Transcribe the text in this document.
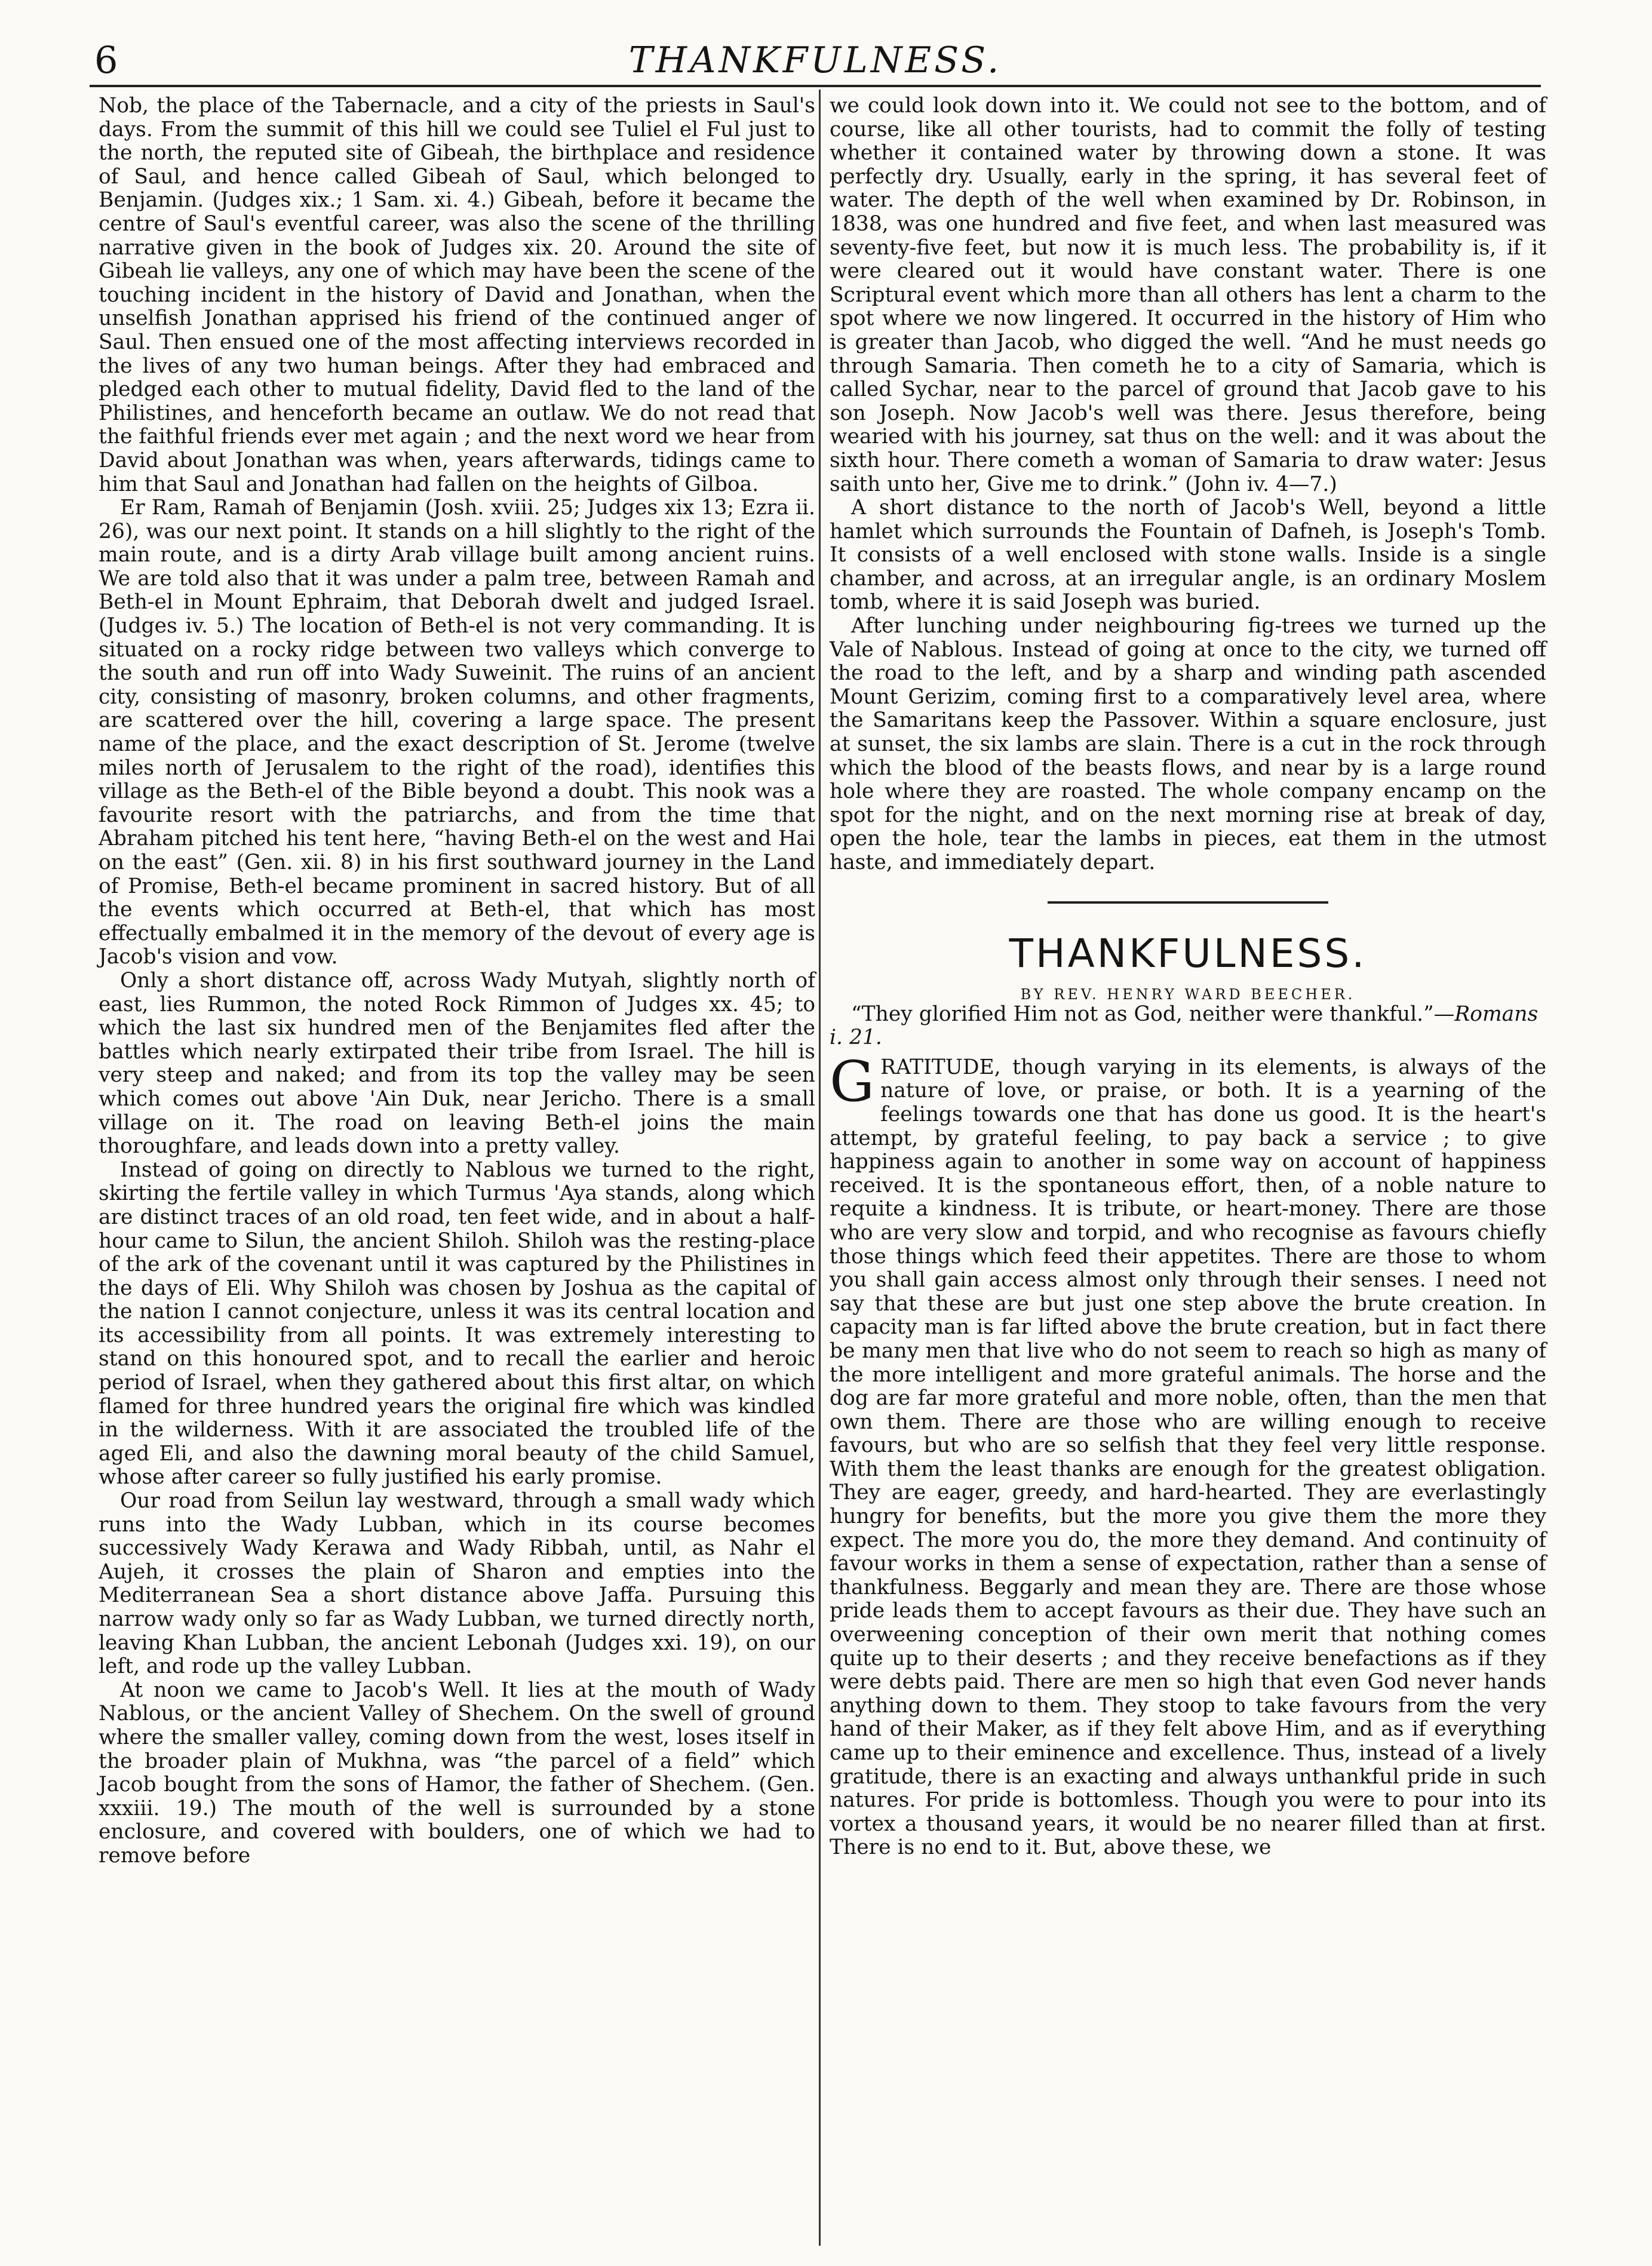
6	THANKFULNESS.

Nob, the place of the Tabernacle, and a city of the priests in Saul's days. From the summit of this hill we could see Tuliel el Ful just to the north, the reputed site of Gibeah, the birthplace and residence of Saul, and hence called Gibeah of Saul, which belonged to Benjamin. (Judges xix.; 1 Sam. xi. 4.) Gibeah, before it became the centre of Saul's eventful career, was also the scene of the thrilling narrative given in the book of Judges xix. 20. Around the site of Gibeah lie valleys, any one of which may have been the scene of the touching incident in the history of David and Jonathan, when the unselfish Jonathan apprised his friend of the continued anger of Saul. Then ensued one of the most affecting interviews recorded in the lives of any two human beings. After they had embraced and pledged each other to mutual fidelity, David fled to the land of the Philistines, and henceforth became an outlaw. We do not read that the faithful friends ever met again ; and the next word we hear from David about Jonathan was when, years afterwards, tidings came to him that Saul and Jonathan had fallen on the heights of Gilboa.

Er Ram, Ramah of Benjamin (Josh. xviii. 25; Judges xix 13; Ezra ii. 26), was our next point. It stands on a hill slightly to the right of the main route, and is a dirty Arab village built among ancient ruins. We are told also that it was under a palm tree, between Ramah and Beth-el in Mount Ephraim, that Deborah dwelt and judged Israel. (Judges iv. 5.) The location of Beth-el is not very commanding. It is situated on a rocky ridge between two valleys which converge to the south and run off into Wady Suweinit. The ruins of an ancient city, consisting of masonry, broken columns, and other fragments, are scattered over the hill, covering a large space. The present name of the place, and the exact description of St. Jerome (twelve miles north of Jerusalem to the right of the road), identifies this village as the Beth-el of the Bible beyond a doubt. This nook was a favourite resort with the patriarchs, and from the time that Abraham pitched his tent here, “having Beth-el on the west and Hai on the east” (Gen. xii. 8) in his first southward journey in the Land of Promise, Beth-el became prominent in sacred history. But of all the events which occurred at Beth-el, that which has most effectually embalmed it in the memory of the devout of every age is Jacob's vision and vow.

Only a short distance off, across Wady Mutyah, slightly north of east, lies Rummon, the noted Rock Rimmon of Judges xx. 45; to which the last six hundred men of the Benjamites fled after the battles which nearly extirpated their tribe from Israel. The hill is very steep and naked; and from its top the valley may be seen which comes out above 'Ain Duk, near Jericho. There is a small village on it. The road on leaving Beth-el joins the main thoroughfare, and leads down into a pretty valley.

Instead of going on directly to Nablous we turned to the right, skirting the fertile valley in which Turmus 'Aya stands, along which are distinct traces of an old road, ten feet wide, and in about a half-hour came to Silun, the ancient Shiloh. Shiloh was the resting-place of the ark of the covenant until it was captured by the Philistines in the days of Eli. Why Shiloh was chosen by Joshua as the capital of the nation I cannot conjecture, unless it was its central location and its accessibility from all points. It was extremely interesting to stand on this honoured spot, and to recall the earlier and heroic period of Israel, when they gathered about this first altar, on which flamed for three hundred years the original fire which was kindled in the wilderness. With it are associated the troubled life of the aged Eli, and also the dawning moral beauty of the child Samuel, whose after career so fully justified his early promise.

Our road from Seilun lay westward, through a small wady which runs into the Wady Lubban, which in its course becomes successively Wady Kerawa and Wady Ribbah, until, as Nahr el Aujeh, it crosses the plain of Sharon and empties into the Mediterranean Sea a short distance above Jaffa. Pursuing this narrow wady only so far as Wady Lubban, we turned directly north, leaving Khan Lubban, the ancient Lebonah (Judges xxi. 19), on our left, and rode up the valley Lubban.

At noon we came to Jacob's Well. It lies at the mouth of Wady Nablous, or the ancient Valley of Shechem. On the swell of ground where the smaller valley, coming down from the west, loses itself in the broader plain of Mukhna, was “the parcel of a field” which Jacob bought from the sons of Hamor, the father of Shechem. (Gen. xxxiii. 19.) The mouth of the well is surrounded by a stone enclosure, and covered with boulders, one of which we had to remove before

we could look down into it. We could not see to the bottom, and of course, like all other tourists, had to commit the folly of testing whether it contained water by throwing down a stone. It was perfectly dry. Usually, early in the spring, it has several feet of water. The depth of the well when examined by Dr. Robinson, in 1838, was one hundred and five feet, and when last measured was seventy-five feet, but now it is much less. The probability is, if it were cleared out it would have constant water. There is one Scriptural event which more than all others has lent a charm to the spot where we now lingered. It occurred in the history of Him who is greater than Jacob, who digged the well. “And he must needs go through Samaria. Then cometh he to a city of Samaria, which is called Sychar, near to the parcel of ground that Jacob gave to his son Joseph. Now Jacob's well was there. Jesus therefore, being wearied with his journey, sat thus on the well: and it was about the sixth hour. There cometh a woman of Samaria to draw water: Jesus saith unto her, Give me to drink.” (John iv. 4—7.)

A short distance to the north of Jacob's Well, beyond a little hamlet which surrounds the Fountain of Dafneh, is Joseph's Tomb. It consists of a well enclosed with stone walls. Inside is a single chamber, and across, at an irregular angle, is an ordinary Moslem tomb, where it is said Joseph was buried.

After lunching under neighbouring fig-trees we turned up the Vale of Nablous. Instead of going at once to the city, we turned off the road to the left, and by a sharp and winding path ascended Mount Gerizim, coming first to a comparatively level area, where the Samaritans keep the Passover. Within a square enclosure, just at sunset, the six lambs are slain. There is a cut in the rock through which the blood of the beasts flows, and near by is a large round hole where they are roasted. The whole company encamp on the spot for the night, and on the next morning rise at break of day, open the hole, tear the lambs in pieces, eat them in the utmost haste, and immediately depart.

THANKFULNESS.
BY REV. HENRY WARD BEECHER.

“They glorified Him not as God, neither were thankful.”—Romans i. 21.

GRATITUDE, though varying in its elements, is always of the nature of love, or praise, or both. It is a yearning of the feelings towards one that has done us good. It is the heart's attempt, by grateful feeling, to pay back a service ; to give happiness again to another in some way on account of happiness received. It is the spontaneous effort, then, of a noble nature to requite a kindness. It is tribute, or heart-money. There are those who are very slow and torpid, and who recognise as favours chiefly those things which feed their appetites. There are those to whom you shall gain access almost only through their senses. I need not say that these are but just one step above the brute creation. In capacity man is far lifted above the brute creation, but in fact there be many men that live who do not seem to reach so high as many of the more intelligent and more grateful animals. The horse and the dog are far more grateful and more noble, often, than the men that own them. There are those who are willing enough to receive favours, but who are so selfish that they feel very little response. With them the least thanks are enough for the greatest obligation. They are eager, greedy, and hard-hearted. They are everlastingly hungry for benefits, but the more you give them the more they expect. The more you do, the more they demand. And continuity of favour works in them a sense of expectation, rather than a sense of thankfulness. Beggarly and mean they are. There are those whose pride leads them to accept favours as their due. They have such an overweening conception of their own merit that nothing comes quite up to their deserts ; and they receive benefactions as if they were debts paid. There are men so high that even God never hands anything down to them. They stoop to take favours from the very hand of their Maker, as if they felt above Him, and as if everything came up to their eminence and excellence. Thus, instead of a lively gratitude, there is an exacting and always unthankful pride in such natures. For pride is bottomless. Though you were to pour into its vortex a thousand years, it would be no nearer filled than at first. There is no end to it. But, above these, we
